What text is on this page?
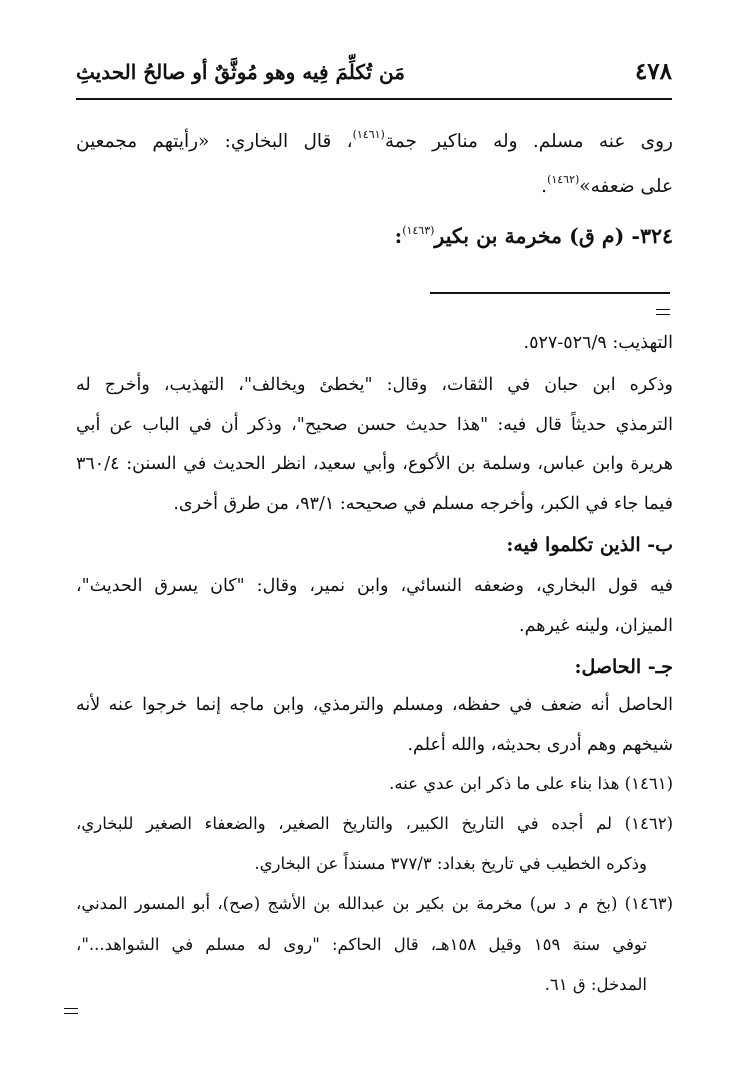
٤٧٨
مَن تُكلِّمَ فِيه وهو مُوثَّقٌ أو صالحُ الحديثِ
روى عنه مسلم. وله مناكير جمة$^{(١٤٦١)}$، قال البخاري: «رأيتهم مجمعين
على ضعفه»$^{(١٤٦٢)}$.
٣٢٤- (م ق) مخرمة بن بكير$^{(١٤٦٣)}$:
التهذيب: ٥٢٦/٩-٥٢٧.
وذكره ابن حبان في الثقات، وقال: "يخطئ ويخالف"، التهذيب، وأخرج له
الترمذي حديثاً قال فيه: "هذا حديث حسن صحيح"، وذكر أن في الباب عن أبي
هريرة وابن عباس، وسلمة بن الأكوع، وأبي سعيد، انظر الحديث في السنن: ٣٦٠/٤
فيما جاء في الكبر، وأخرجه مسلم في صحيحه: ٩٣/١، من طرق أخرى.
ب- الذين تكلموا فيه:
فيه قول البخاري، وضعفه النسائي، وابن نمير، وقال: "كان يسرق الحديث"،
الميزان، ولينه غيرهم.
جـ- الحاصل:
الحاصل أنه ضعف في حفظه، ومسلم والترمذي، وابن ماجه إنما خرجوا عنه لأنه
شيخهم وهم أدرى بحديثه، والله أعلم.
(١٤٦١) هذا بناء على ما ذكر ابن عدي عنه.
(١٤٦٢) لم أجده في التاريخ الكبير، والتاريخ الصغير، والضعفاء الصغير للبخاري،
وذكره الخطيب في تاريخ بغداد: ٣٧٧/٣ مسنداً عن البخاري.
(١٤٦٣) (بخ م د س) مخرمة بن بكير بن عبدالله بن الأشج (صح)، أبو المسور المدني،
توفي سنة ١٥٩ وقيل ١٥٨هـ، قال الحاكم: "روى له مسلم في الشواهد..."،
المدخل: ق ٦١.
